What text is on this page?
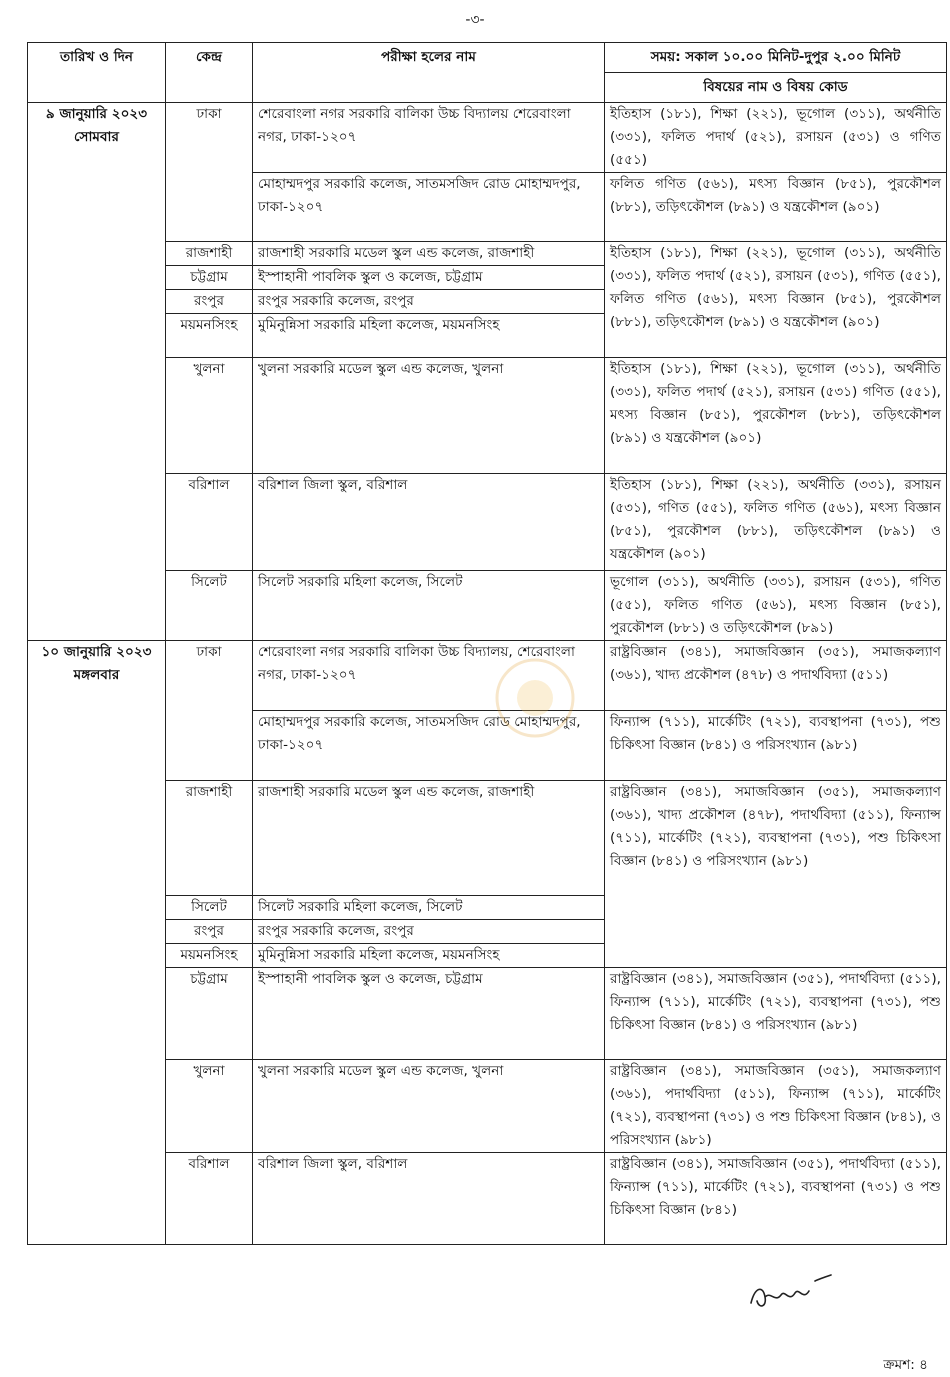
-৩-
তারিখ ও দিন	কেন্দ্র	পরীক্ষা হলের নাম	সময়: সকাল ১০.০০ মিনিট-দুপুর ২.০০ মিনিট
			বিষয়ের নাম ও বিষয় কোড
৯ জানুয়ারি ২০২৩
সোমবার	ঢাকা	শেরেবাংলা নগর সরকারি বালিকা উচ্চ বিদ্যালয় শেরেবাংলা নগর, ঢাকা-১২০৭	ইতিহাস (১৮১), শিক্ষা (২২১), ভূগোল (৩১১), অর্থনীতি (৩৩১), ফলিত পদার্থ (৫২১), রসায়ন (৫৩১) ও গণিত (৫৫১)
		মোহাম্মদপুর সরকারি কলেজ, সাতমসজিদ রোড মোহাম্মদপুর, ঢাকা-১২০৭	ফলিত গণিত (৫৬১), মৎস্য বিজ্ঞান (৮৫১), পুরকৌশল (৮৮১), তড়িৎকৌশল (৮৯১) ও যন্ত্রকৌশল (৯০১)
	রাজশাহী	রাজশাহী সরকারি মডেল স্কুল এন্ড কলেজ, রাজশাহী	ইতিহাস (১৮১), শিক্ষা (২২১), ভূগোল (৩১১), অর্থনীতি (৩৩১), ফলিত পদার্থ (৫২১), রসায়ন (৫৩১), গণিত (৫৫১), ফলিত গণিত (৫৬১), মৎস্য বিজ্ঞান (৮৫১), পুরকৌশল (৮৮১), তড়িৎকৌশল (৮৯১) ও যন্ত্রকৌশল (৯০১)
	চট্টগ্রাম	ইস্পাহানী পাবলিক স্কুল ও কলেজ, চট্টগ্রাম	
	রংপুর	রংপুর সরকারি কলেজ, রংপুর	
	ময়মনসিংহ	মুমিনুন্নিসা সরকারি মহিলা কলেজ, ময়মনসিংহ	
	খুলনা	খুলনা সরকারি মডেল স্কুল এন্ড কলেজ, খুলনা	ইতিহাস (১৮১), শিক্ষা (২২১), ভূগোল (৩১১), অর্থনীতি (৩৩১), ফলিত পদার্থ (৫২১), রসায়ন (৫৩১) গণিত (৫৫১), মৎস্য বিজ্ঞান (৮৫১), পুরকৌশল (৮৮১), তড়িৎকৌশল (৮৯১) ও যন্ত্রকৌশল (৯০১)
	বরিশাল	বরিশাল জিলা স্কুল, বরিশাল	ইতিহাস (১৮১), শিক্ষা (২২১), অর্থনীতি (৩৩১), রসায়ন (৫৩১), গণিত (৫৫১), ফলিত গণিত (৫৬১), মৎস্য বিজ্ঞান (৮৫১), পুরকৌশল (৮৮১), তড়িৎকৌশল (৮৯১) ও যন্ত্রকৌশল (৯০১)
	সিলেট	সিলেট সরকারি মহিলা কলেজ, সিলেট	ভূগোল (৩১১), অর্থনীতি (৩৩১), রসায়ন (৫৩১), গণিত (৫৫১), ফলিত গণিত (৫৬১), মৎস্য বিজ্ঞান (৮৫১), পুরকৌশল (৮৮১) ও তড়িৎকৌশল (৮৯১)
১০ জানুয়ারি ২০২৩
মঙ্গলবার	ঢাকা	শেরেবাংলা নগর সরকারি বালিকা উচ্চ বিদ্যালয়, শেরেবাংলা নগর, ঢাকা-১২০৭	রাষ্ট্রবিজ্ঞান (৩৪১), সমাজবিজ্ঞান (৩৫১), সমাজকল্যাণ (৩৬১), খাদ্য প্রকৌশল (৪৭৮) ও পদার্থবিদ্যা (৫১১)
		মোহাম্মদপুর সরকারি কলেজ, সাতমসজিদ রোড মোহাম্মদপুর, ঢাকা-১২০৭	ফিন্যান্স (৭১১), মার্কেটিং (৭২১), ব্যবস্থাপনা (৭৩১), পশু চিকিৎসা বিজ্ঞান (৮৪১) ও পরিসংখ্যান (৯৮১)
	রাজশাহী	রাজশাহী সরকারি মডেল স্কুল এন্ড কলেজ, রাজশাহী	রাষ্ট্রবিজ্ঞান (৩৪১), সমাজবিজ্ঞান (৩৫১), সমাজকল্যাণ (৩৬১), খাদ্য প্রকৌশল (৪৭৮), পদার্থবিদ্যা (৫১১), ফিন্যান্স (৭১১), মার্কেটিং (৭২১), ব্যবস্থাপনা (৭৩১), পশু চিকিৎসা বিজ্ঞান (৮৪১) ও পরিসংখ্যান (৯৮১)
	সিলেট	সিলেট সরকারি মহিলা কলেজ, সিলেট	
	রংপুর	রংপুর সরকারি কলেজ, রংপুর	
	ময়মনসিংহ	মুমিনুন্নিসা সরকারি মহিলা কলেজ, ময়মনসিংহ	
	চট্টগ্রাম	ইস্পাহানী পাবলিক স্কুল ও কলেজ, চট্টগ্রাম	রাষ্ট্রবিজ্ঞান (৩৪১), সমাজবিজ্ঞান (৩৫১), পদার্থবিদ্যা (৫১১), ফিন্যান্স (৭১১), মার্কেটিং (৭২১), ব্যবস্থাপনা (৭৩১), পশু চিকিৎসা বিজ্ঞান (৮৪১) ও পরিসংখ্যান (৯৮১)
	খুলনা	খুলনা সরকারি মডেল স্কুল এন্ড কলেজ, খুলনা	রাষ্ট্রবিজ্ঞান (৩৪১), সমাজবিজ্ঞান (৩৫১), সমাজকল্যাণ (৩৬১), পদার্থবিদ্যা (৫১১), ফিন্যান্স (৭১১), মার্কেটিং (৭২১), ব্যবস্থাপনা (৭৩১) ও পশু চিকিৎসা বিজ্ঞান (৮৪১), ও পরিসংখ্যান (৯৮১)
	বরিশাল	বরিশাল জিলা স্কুল, বরিশাল	রাষ্ট্রবিজ্ঞান (৩৪১), সমাজবিজ্ঞান (৩৫১), পদার্থবিদ্যা (৫১১), ফিন্যান্স (৭১১), মার্কেটিং (৭২১), ব্যবস্থাপনা (৭৩১) ও পশু চিকিৎসা বিজ্ঞান (৮৪১)
ক্রমশ: ৪
